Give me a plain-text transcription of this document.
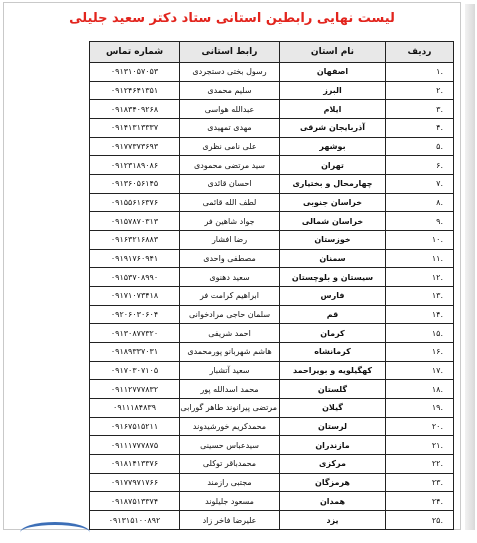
لیست نهایی رابطین استانی ستاد دکتر سعید جلیلی
ردیف	نام استان	رابط استانی	شماره تماس
.۱	اصفهان	رسول بختی دستجردی	۰۹۱۳۱۰۵۷۰۵۳
.۲	البرز	سلیم محمدی	۰۹۱۲۴۶۴۱۳۵۱
.۳	ایلام	عبدالله هواسی	۰۹۱۸۳۴۰۹۲۶۸
.۴	آذربایجان شرقی	مهدی تمهیدی	۰۹۱۴۱۳۱۳۳۳۷
.۵	بوشهر	علی نامی نظری	۰۹۱۷۷۳۷۳۶۹۳
.۶	تهران	سید مرتضی محمودی	۰۹۱۲۳۱۸۹۰۸۶
.۷	چهارمحال و بختیاری	احسان قائدی	۰۹۱۳۶۰۵۶۱۴۵
.۸	خراسان جنوبی	لطف الله قائمی	۰۹۱۵۵۶۱۶۳۷۶
.۹	خراسان شمالی	جواد شاهین فر	۰۹۱۵۷۸۷۰۳۱۳
.۱۰	خوزستان	رضا افشار	۰۹۱۶۳۲۱۶۸۸۳
.۱۱	سمنان	مصطفی واحدی	۰۹۱۹۱۷۶۰۹۴۱
.۱۲	سیستان و بلوچستان	سعید دهنوی	۰۹۱۵۳۷۰۸۹۹۰
.۱۳	فارس	ابراهیم کرامت فر	۰۹۱۷۱۰۷۳۴۱۸
.۱۴	قم	سلمان حاجی مرادخوانی	۰۹۲۰۶۰۳۰۶۰۴
.۱۵	کرمان	احمد شریفی	۰۹۱۳۰۸۷۷۳۲۰
.۱۶	کرمانشاه	هاشم شهربانو پورمحمدی	۰۹۱۸۹۳۳۷۰۳۱
.۱۷	کهگیلویه و بویراحمد	سعید آتشبار	۰۹۱۷۰۳۰۷۱۰۵
.۱۸	گلستان	محمد اسدالله پور	۰۹۱۱۲۷۷۷۸۳۲
.۱۹	گیلان	مرتضی پیرانوند طاهر گورابی	۰۹۱۱۱۸۴۸۳۹
.۲۰	لرستان	محمدکریم خورشیدوند	۰۹۱۶۷۵۱۵۲۱۱
.۲۱	مازندران	سیدعباس حسینی	۰۹۱۱۱۷۷۷۸۷۵
.۲۲	مرکزی	محمدباقر توکلی	۰۹۱۸۱۴۱۳۳۷۶
.۲۳	هرمزگان	مجتبی رازمند	۰۹۱۷۷۹۷۱۷۶۶
.۲۴	همدان	مسعود جلیلوند	۰۹۱۸۷۵۱۳۳۷۴
.۲۵	یزد	علیرضا فاخر زاد	۰۹۱۳۱۵۱۰۰۸۹۲
